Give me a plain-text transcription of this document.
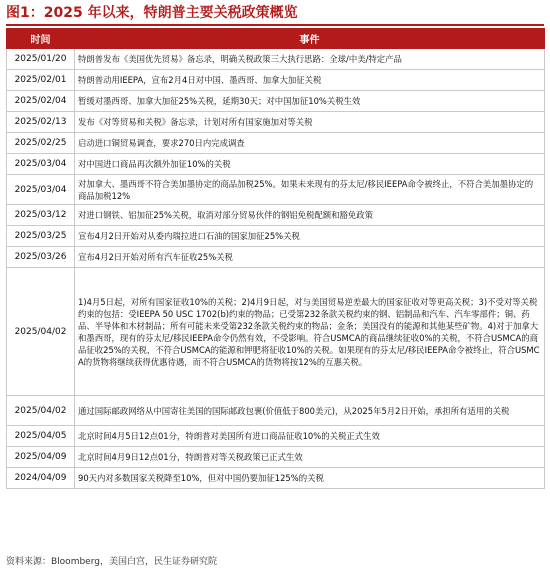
图1：2025 年以来，特朗普主要关税政策概览
时间	事件
2025/01/20	特朗普发布《美国优先贸易》备忘录，明确关税政策三大执行思路：全球/中美/特定产品
2025/02/01	特朗普动用IEEPA，宣布2月4日对中国、墨西哥、加拿大加征关税
2025/02/04	暂缓对墨西哥、加拿大加征25%关税，延期30天；对中国加征10%关税生效
2025/02/13	发布《对等贸易和关税》备忘录，计划对所有国家施加对等关税
2025/02/25	启动进口铜贸易调查，要求270日内完成调查
2025/03/04	对中国进口商品再次额外加征10%的关税
2025/03/04	对加拿大、墨西哥不符合美加墨协定的商品加税25%。如果未来现有的芬太尼/移民IEEPA命令被终止，不符合美加墨协定的商品加税12%
2025/03/12	对进口钢铁、铝加征25%关税，取消对部分贸易伙伴的钢铝免税配额和豁免政策
2025/03/25	宣布4月2日开始对从委内瑞拉进口石油的国家加征25%关税
2025/03/26	宣布4月2日开始对所有汽车征收25%关税
2025/04/02	1)4月5日起，对所有国家征收10%的关税；2)4月9日起，对与美国贸易逆差最大的国家征收对等更高关税；3)不受对等关税约束的包括：受IEEPA 50 USC 1702(b)约束的物品；已受第232条款关税约束的钢、铝制品和汽车、汽车零部件；铜、药品、半导体和木材制品；所有可能未来受第232条款关税约束的物品；金条；美国没有的能源和其他某些矿物。4)对于加拿大和墨西哥，现有的芬太尼/移民IEEPA命令仍然有效，不受影响。符合USMCA的商品继续征收0%的关税，不符合USMCA的商品征收25%的关税，不符合USMCA的能源和钾肥将征收10%的关税。如果现有的芬太尼/移民IEEPA命令被终止，符合USMCA的货物将继续获得优惠待遇，而不符合USMCA的货物将按12%的互惠关税。
2025/04/02	通过国际邮政网络从中国寄往美国的国际邮政包裹(价值低于800美元)，从2025年5月2日开始，承担所有适用的关税
2025/04/05	北京时间4月5日12点01分，特朗普对美国所有进口商品征收10%的关税正式生效
2025/04/09	北京时间4月9日12点01分，特朗普对等关税政策已正式生效
2024/04/09	90天内对多数国家关税降至10%，但对中国仍要加征125%的关税
资料来源：Bloomberg，美国白宫，民生证券研究院
